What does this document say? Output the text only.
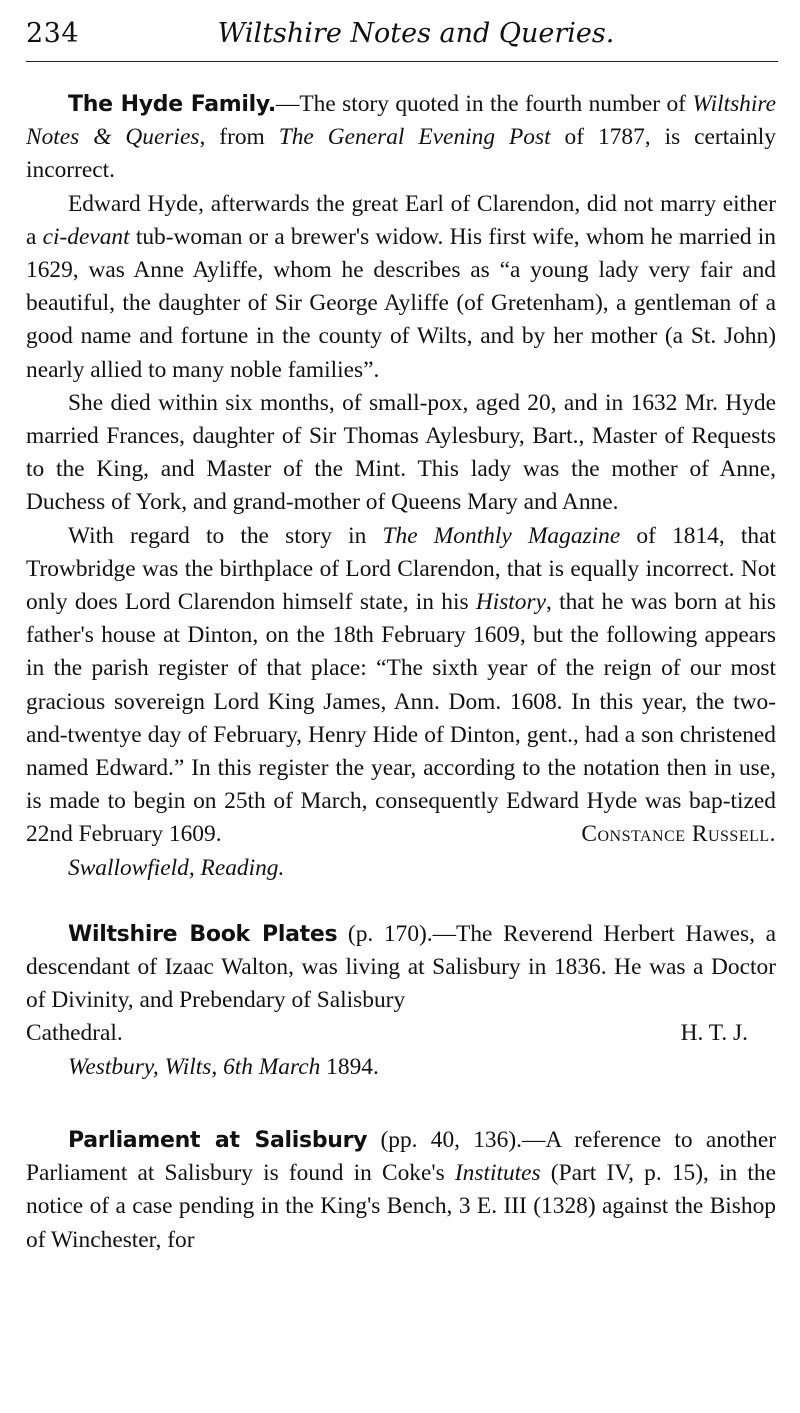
234	Wiltshire Notes and Queries.

The Hyde Family.—The story quoted in the fourth number of Wiltshire Notes & Queries, from The General Evening Post of 1787, is certainly incorrect.

Edward Hyde, afterwards the great Earl of Clarendon, did not marry either a ci-devant tub-woman or a brewer's widow. His first wife, whom he married in 1629, was Anne Ayliffe, whom he describes as “a young lady very fair and beautiful, the daughter of Sir George Ayliffe (of Gretenham), a gentleman of a good name and fortune in the county of Wilts, and by her mother (a St. John) nearly allied to many noble families”.

She died within six months, of small-pox, aged 20, and in 1632 Mr. Hyde married Frances, daughter of Sir Thomas Aylesbury, Bart., Master of Requests to the King, and Master of the Mint. This lady was the mother of Anne, Duchess of York, and grand-mother of Queens Mary and Anne.

With regard to the story in The Monthly Magazine of 1814, that Trowbridge was the birthplace of Lord Clarendon, that is equally incorrect. Not only does Lord Clarendon himself state, in his History, that he was born at his father's house at Dinton, on the 18th February 1609, but the following appears in the parish register of that place: “The sixth year of the reign of our most gracious sovereign Lord King James, Ann. Dom. 1608. In this year, the two-and-twentye day of February, Henry Hide of Dinton, gent., had a son christened named Edward.” In this register the year, according to the notation then in use, is made to begin on 25th of March, consequently Edward Hyde was bap-tized 22nd February 1609.	Constance Russell.

Swallowfield, Reading.

Wiltshire Book Plates (p. 170).—The Reverend Herbert Hawes, a descendant of Izaac Walton, was living at Salisbury in 1836. He was a Doctor of Divinity, and Prebendary of Salisbury

Cathedral.	H. T. J.

Westbury, Wilts, 6th March 1894.

Parliament at Salisbury (pp. 40, 136).—A reference to another Parliament at Salisbury is found in Coke's Institutes (Part IV, p. 15), in the notice of a case pending in the King's Bench, 3 E. III (1328) against the Bishop of Winchester, for
